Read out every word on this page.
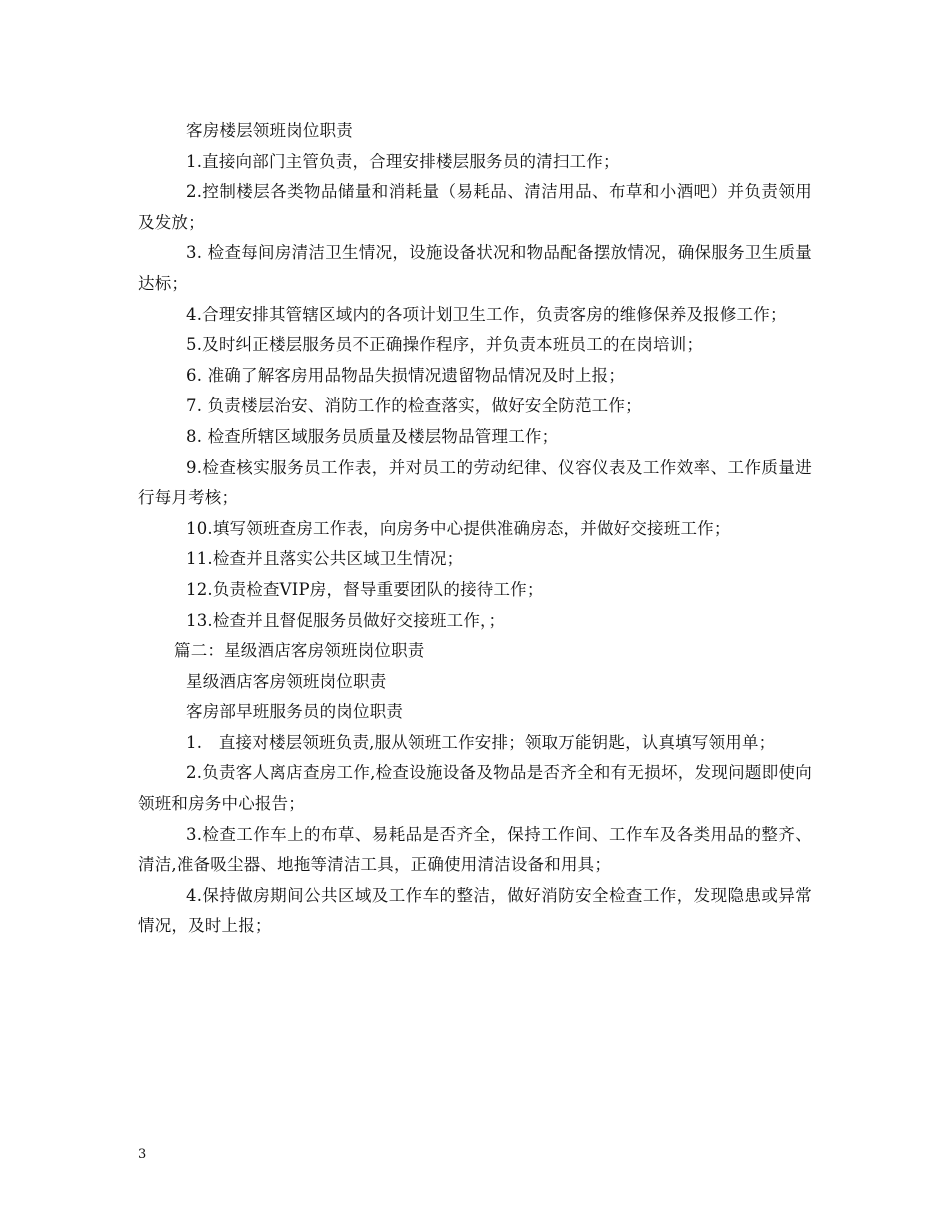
客房楼层领班岗位职责

1.直接向部门主管负责，合理安排楼层服务员的清扫工作；

2.控制楼层各类物品储量和消耗量（易耗品、清洁用品、布草和小酒吧）并负责领用及发放；

3. 检查每间房清洁卫生情况，设施设备状况和物品配备摆放情况，确保服务卫生质量达标；

4.合理安排其管辖区域内的各项计划卫生工作，负责客房的维修保养及报修工作；

5.及时纠正楼层服务员不正确操作程序，并负责本班员工的在岗培训；

6. 准确了解客房用品物品失损情况遗留物品情况及时上报；

7. 负责楼层治安、消防工作的检查落实，做好安全防范工作；

8. 检查所辖区域服务员质量及楼层物品管理工作；

9.检查核实服务员工作表，并对员工的劳动纪律、仪容仪表及工作效率、工作质量进行每月考核；

10.填写领班查房工作表，向房务中心提供准确房态，并做好交接班工作；

11.检查并且落实公共区域卫生情况；

12.负责检查VIP房，督导重要团队的接待工作；

13.检查并且督促服务员做好交接班工作，；

篇二：星级酒店客房领班岗位职责

星级酒店客房领班岗位职责

客房部早班服务员的岗位职责

1.　直接对楼层领班负责,服从领班工作安排；领取万能钥匙，认真填写领用单；

2.负责客人离店查房工作,检查设施设备及物品是否齐全和有无损坏，发现问题即使向领班和房务中心报告；

3.检查工作车上的布草、易耗品是否齐全，保持工作间、工作车及各类用品的整齐、清洁,准备吸尘器、地拖等清洁工具，正确使用清洁设备和用具；

4.保持做房期间公共区域及工作车的整洁，做好消防安全检查工作，发现隐患或异常情况，及时上报；

3
